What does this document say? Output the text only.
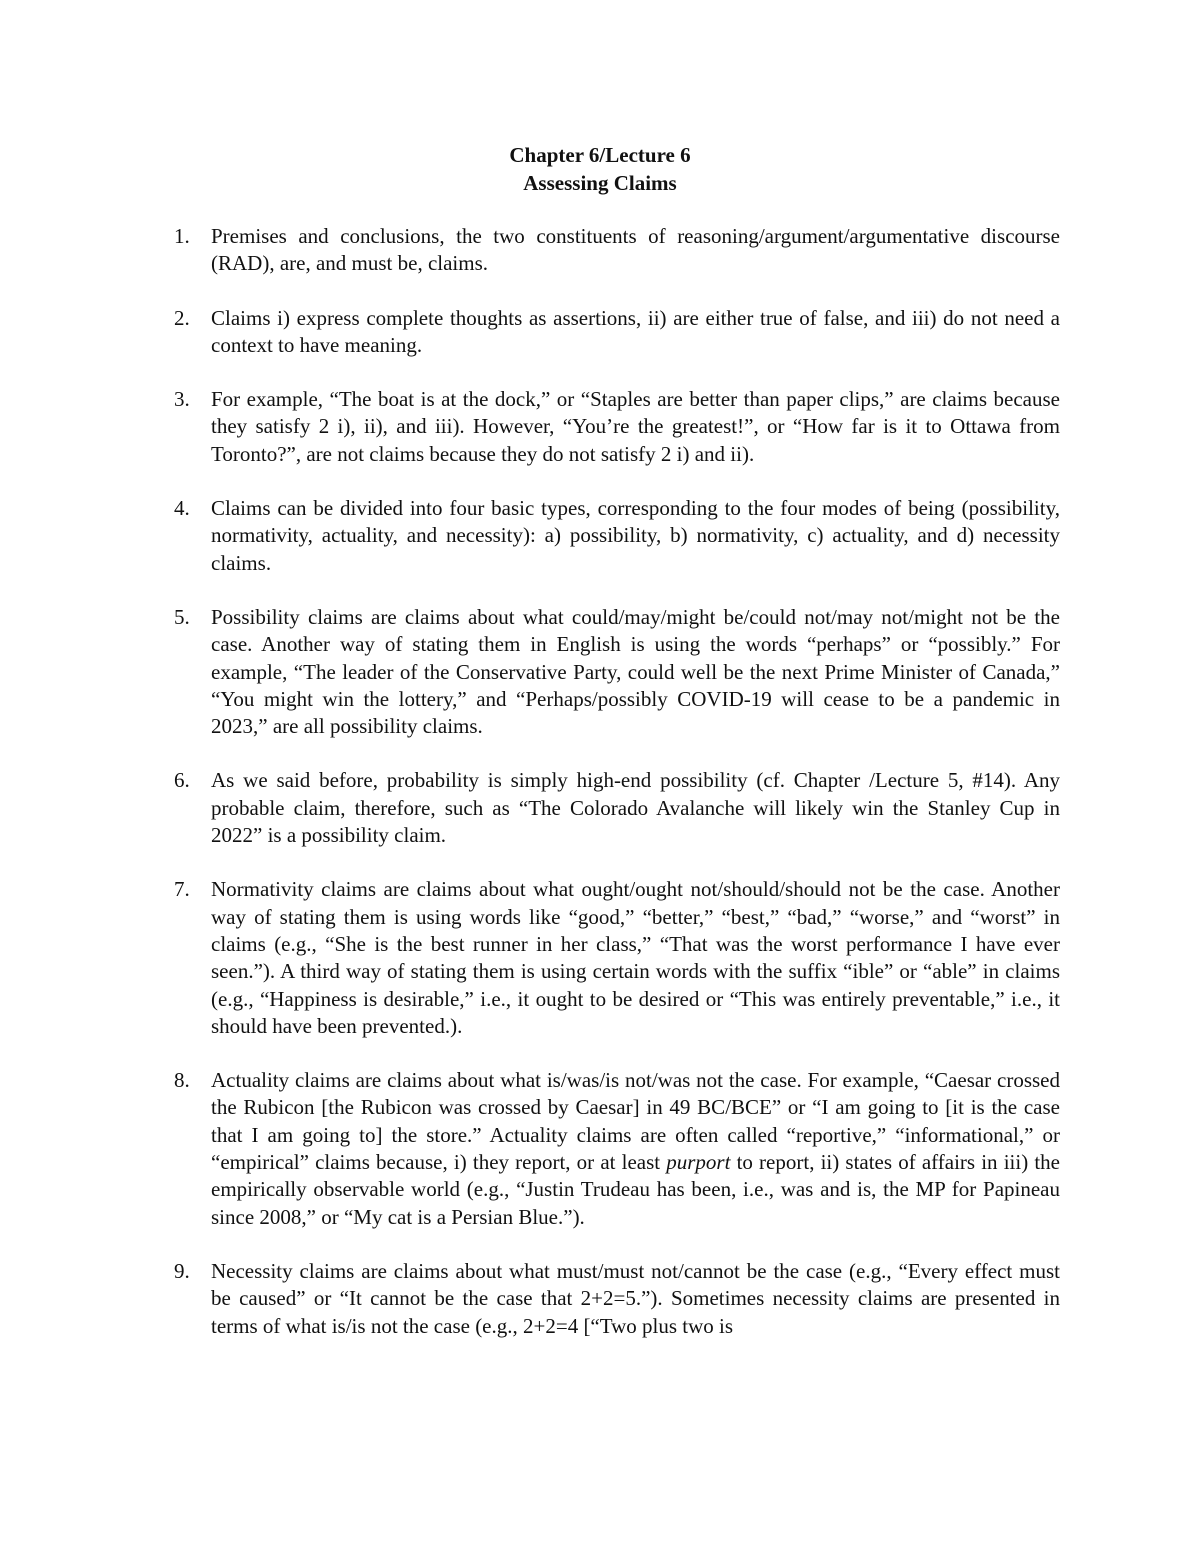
Chapter 6/Lecture 6
Assessing Claims
1. Premises and conclusions, the two constituents of reasoning/argument/argumentative discourse (RAD), are, and must be, claims.
2. Claims i) express complete thoughts as assertions, ii) are either true of false, and iii) do not need a context to have meaning.
3. For example, “The boat is at the dock,” or “Staples are better than paper clips,” are claims because they satisfy 2 i), ii), and iii). However, “You’re the greatest!”, or “How far is it to Ottawa from Toronto?”, are not claims because they do not satisfy 2 i) and ii).
4. Claims can be divided into four basic types, corresponding to the four modes of being (possibility, normativity, actuality, and necessity): a) possibility, b) normativity, c) actuality, and d) necessity claims.
5. Possibility claims are claims about what could/may/might be/could not/may not/might not be the case. Another way of stating them in English is using the words “perhaps” or “possibly.” For example, “The leader of the Conservative Party, could well be the next Prime Minister of Canada,” “You might win the lottery,” and “Perhaps/possibly COVID-19 will cease to be a pandemic in 2023,” are all possibility claims.
6. As we said before, probability is simply high-end possibility (cf. Chapter /Lecture 5, #14). Any probable claim, therefore, such as “The Colorado Avalanche will likely win the Stanley Cup in 2022” is a possibility claim.
7. Normativity claims are claims about what ought/ought not/should/should not be the case. Another way of stating them is using words like “good,” “better,” “best,” “bad,” “worse,” and “worst” in claims (e.g., “She is the best runner in her class,” “That was the worst performance I have ever seen.”). A third way of stating them is using certain words with the suffix “ible” or “able” in claims (e.g., “Happiness is desirable,” i.e., it ought to be desired or “This was entirely preventable,” i.e., it should have been prevented.).
8. Actuality claims are claims about what is/was/is not/was not the case. For example, “Caesar crossed the Rubicon [the Rubicon was crossed by Caesar] in 49 BC/BCE” or “I am going to [it is the case that I am going to] the store.” Actuality claims are often called “reportive,” “informational,” or “empirical” claims because, i) they report, or at least purport to report, ii) states of affairs in iii) the empirically observable world (e.g., “Justin Trudeau has been, i.e., was and is, the MP for Papineau since 2008,” or “My cat is a Persian Blue.”).
9. Necessity claims are claims about what must/must not/cannot be the case (e.g., “Every effect must be caused” or “It cannot be the case that 2+2=5.”). Sometimes necessity claims are presented in terms of what is/is not the case (e.g., 2+2=4 [“Two plus two is
